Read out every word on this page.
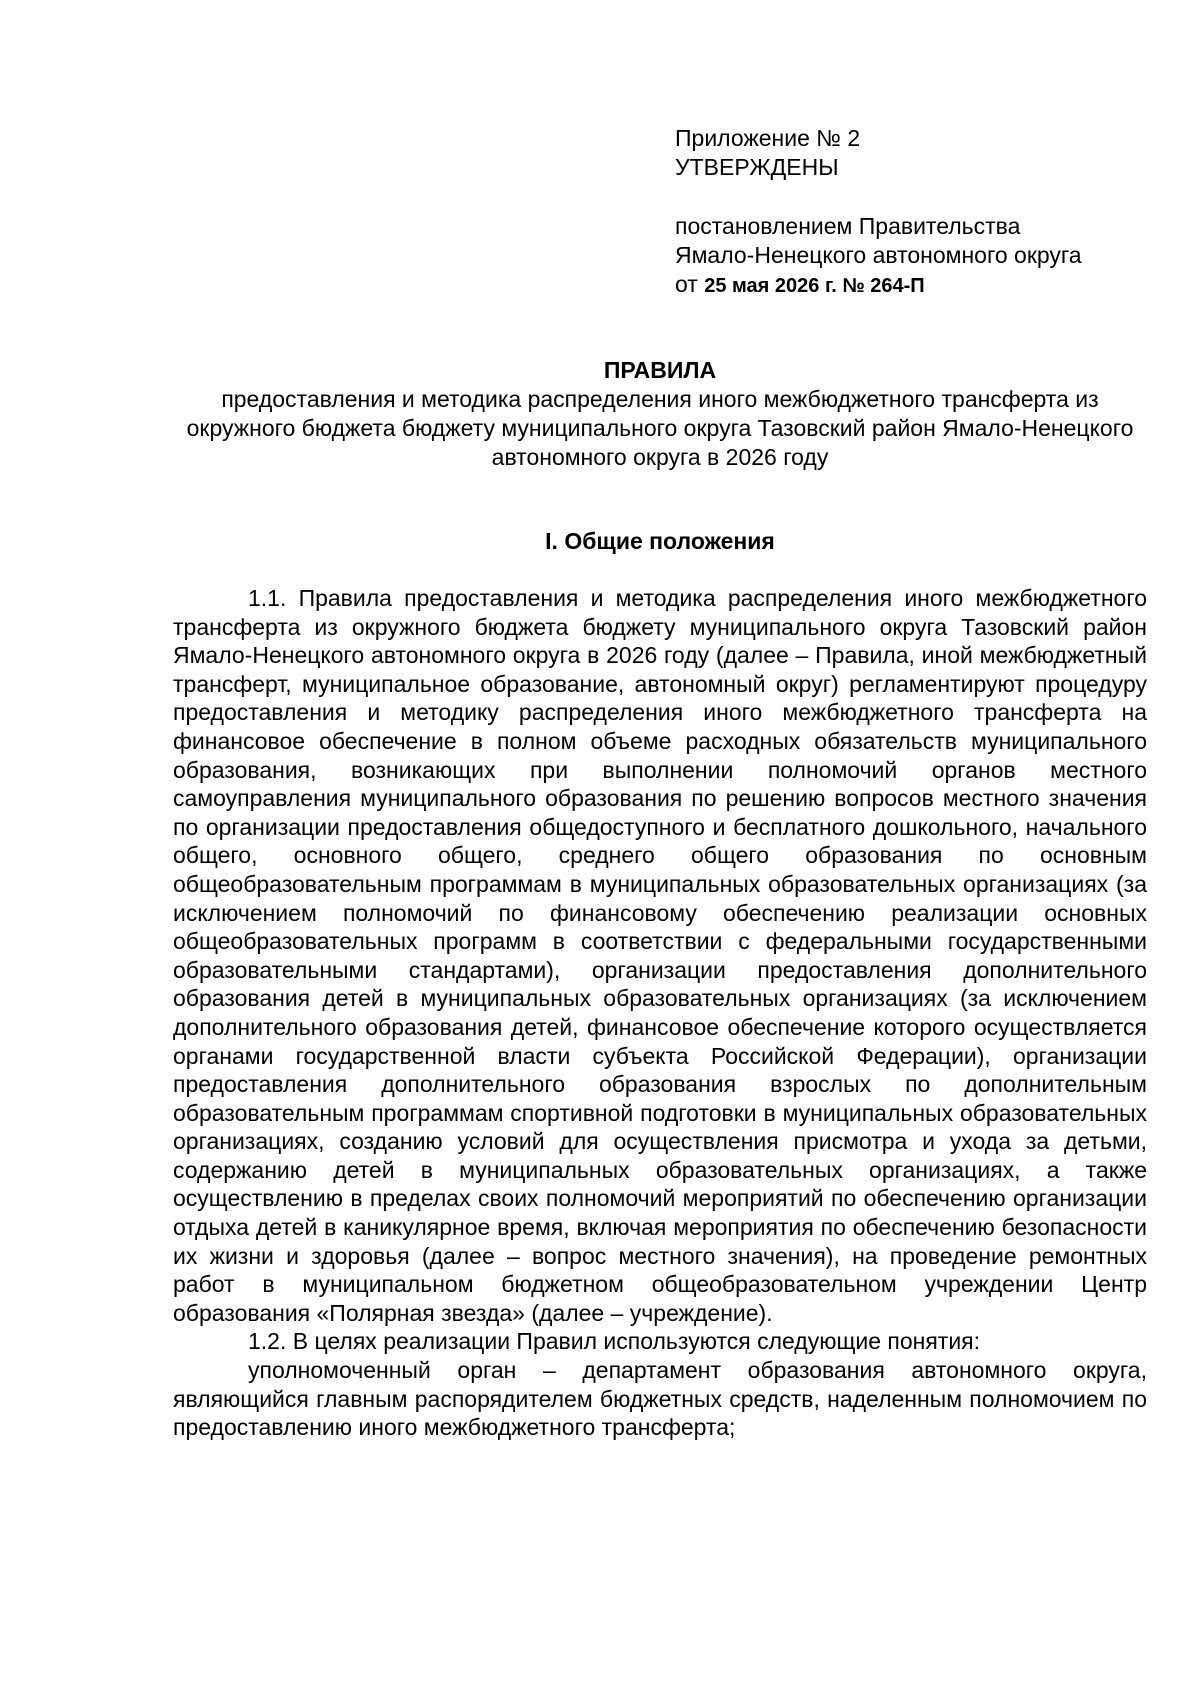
Приложение № 2
УТВЕРЖДЕНЫ
постановлением Правительства
Ямало-Ненецкого автономного округа
от 25 мая 2026 г. № 264-П
ПРАВИЛА
предоставления и методика распределения иного межбюджетного трансферта из окружного бюджета бюджету муниципального округа Тазовский район Ямало-Ненецкого автономного округа в 2026 году
I. Общие положения

1.1. Правила предоставления и методика распределения иного межбюджетного трансферта из окружного бюджета бюджету муниципального округа Тазовский район Ямало-Ненецкого автономного округа в 2026 году (далее – Правила, иной межбюджетный трансферт, муниципальное образование, автономный округ) регламентируют процедуру предоставления и методику распределения иного межбюджетного трансферта на финансовое обеспечение в полном объеме расходных обязательств муниципального образования, возникающих при выполнении полномочий органов местного самоуправления муниципального образования по решению вопросов местного значения по организации предоставления общедоступного и бесплатного дошкольного, начального общего, основного общего, среднего общего образования по основным общеобразовательным программам в муниципальных образовательных организациях (за исключением полномочий по финансовому обеспечению реализации основных общеобразовательных программ в соответствии с федеральными государственными образовательными стандартами), организации предоставления дополнительного образования детей в муниципальных образовательных организациях (за исключением дополнительного образования детей, финансовое обеспечение которого осуществляется органами государственной власти субъекта Российской Федерации), организации предоставления дополнительного образования взрослых по дополнительным образовательным программам спортивной подготовки в муниципальных образовательных организациях, созданию условий для осуществления присмотра и ухода за детьми, содержанию детей в муниципальных образовательных организациях, а также осуществлению в пределах своих полномочий мероприятий по обеспечению организации отдыха детей в каникулярное время, включая мероприятия по обеспечению безопасности их жизни и здоровья (далее – вопрос местного значения), на проведение ремонтных работ в муниципальном бюджетном общеобразовательном учреждении Центр образования «Полярная звезда» (далее – учреждение).

1.2. В целях реализации Правил используются следующие понятия:

уполномоченный орган – департамент образования автономного округа, являющийся главным распорядителем бюджетных средств, наделенным полномочием по предоставлению иного межбюджетного трансферта;
